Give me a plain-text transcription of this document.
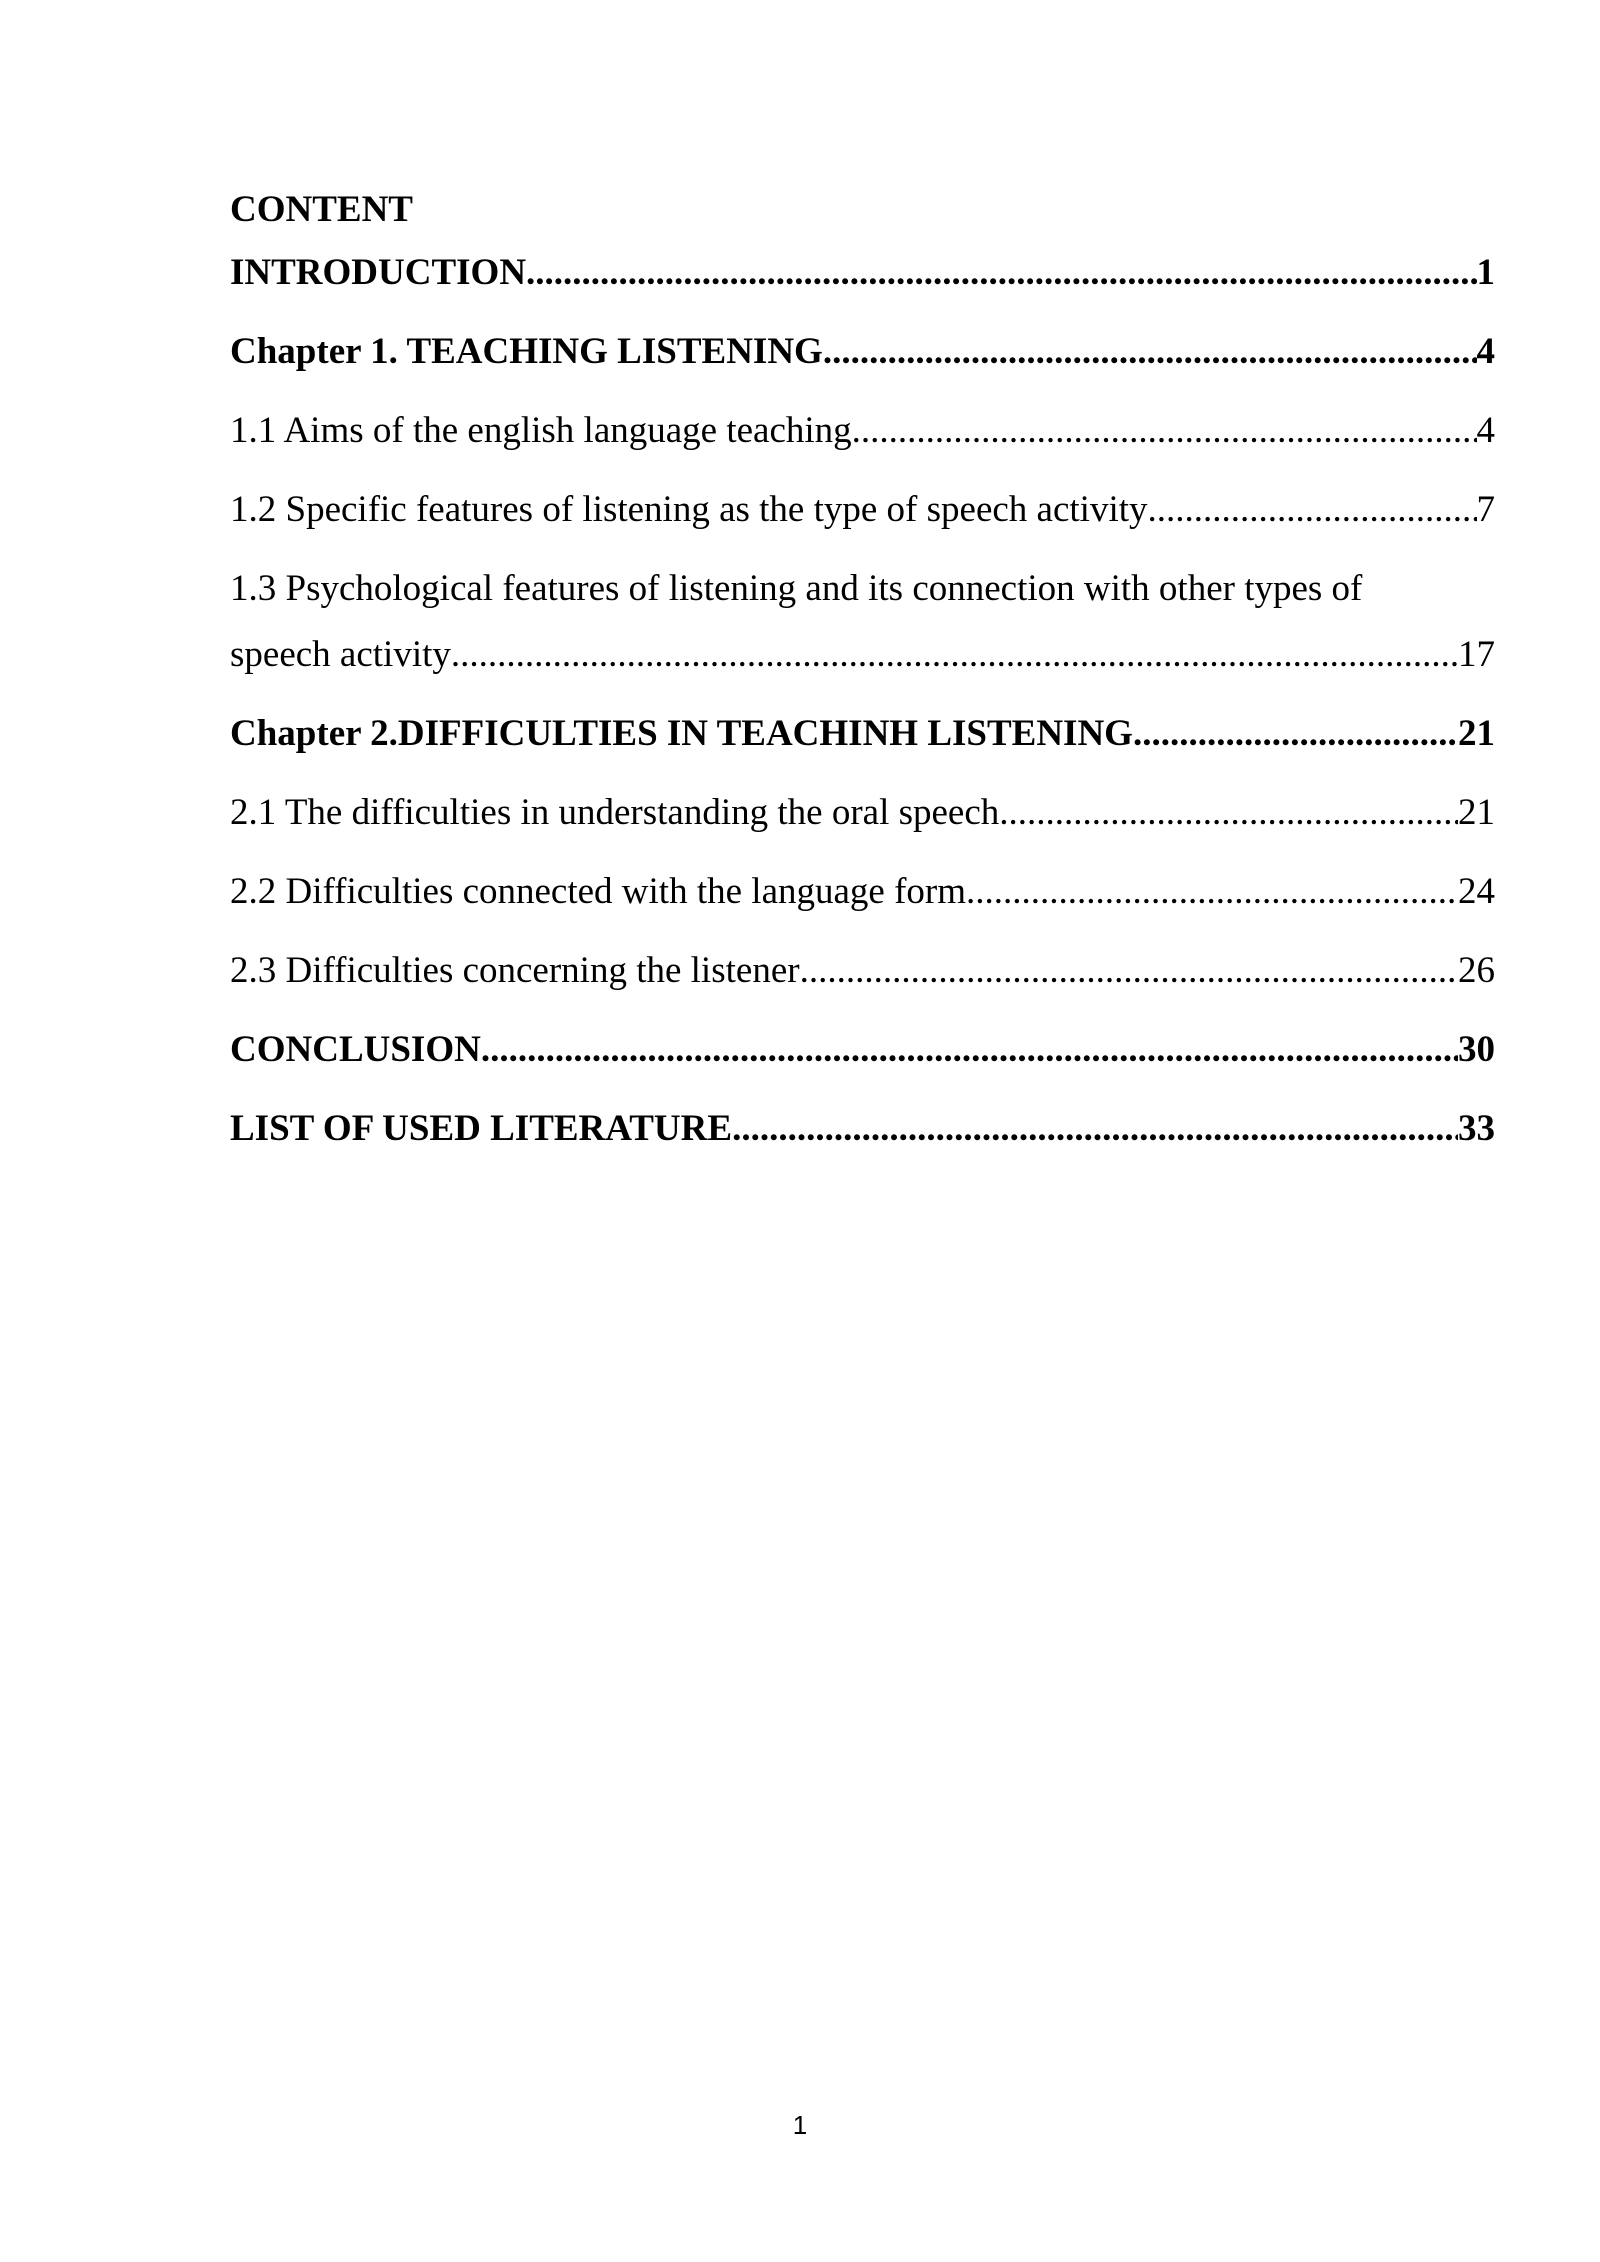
CONTENT
INTRODUCTION .....	1
Chapter 1. TEACHING LISTENING .....	4
1.1 Aims of the english language teaching .....	4
1.2 Specific features of listening as the type of speech activity .....	7
1.3 Psychological features of listening and its connection with other types of
speech activity .....	17
Chapter 2.DIFFICULTIES IN TEACHINH LISTENING .....	21
2.1 The difficulties in understanding the oral speech .....	21
2.2 Difficulties connected with the language form .....	24
2.3 Difficulties concerning the listener .....	26
CONCLUSION .....	30
LIST OF USED LITERATURE .....	33
1
